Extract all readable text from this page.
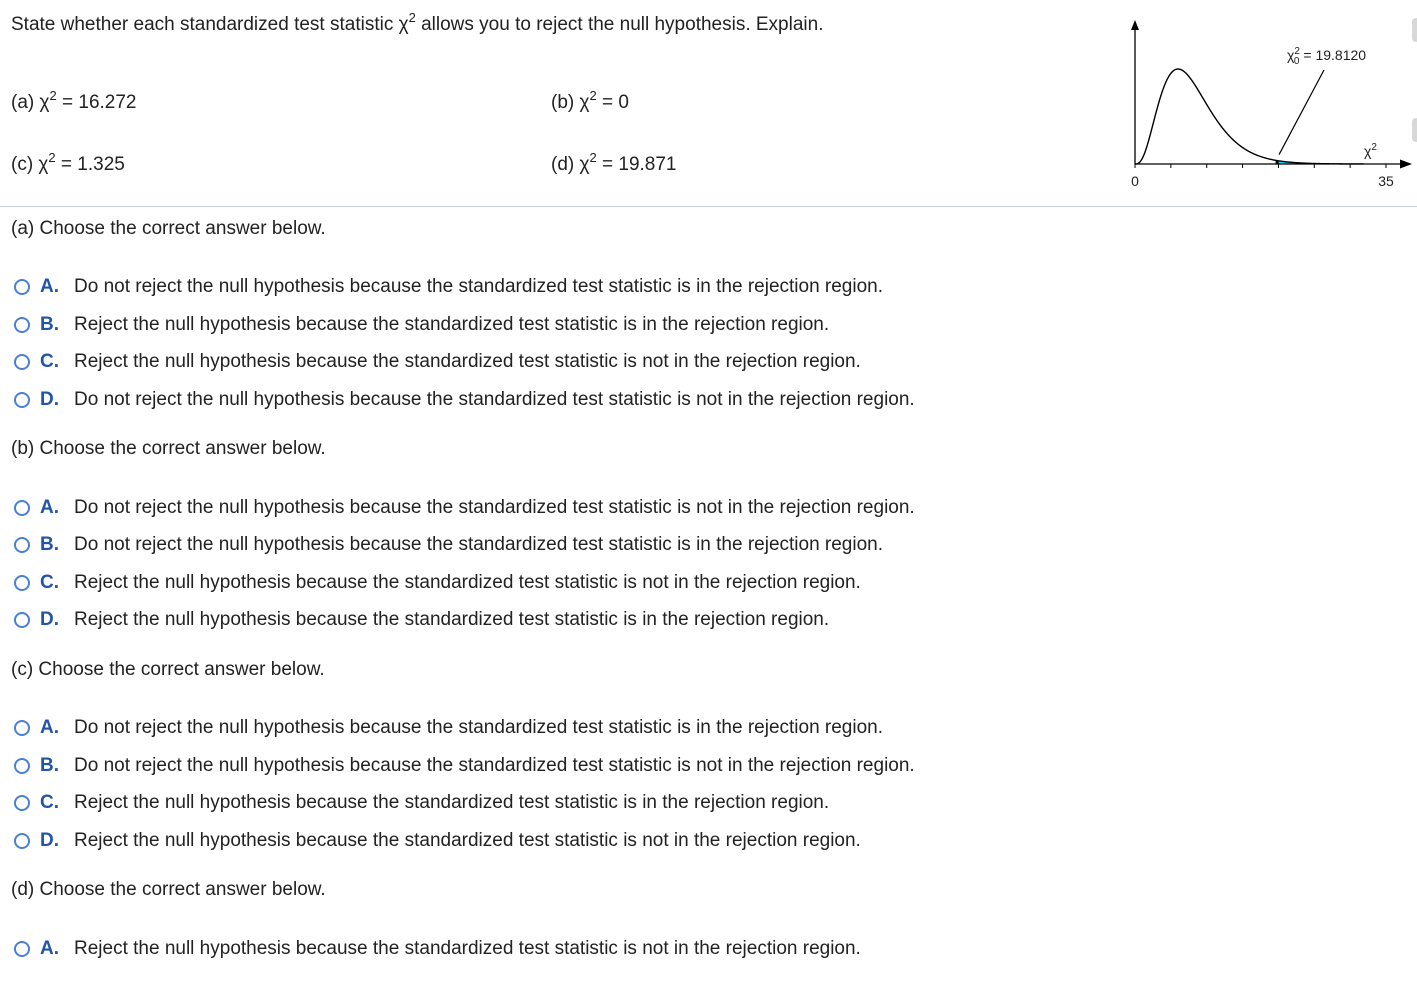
State whether each standardized test statistic $\chi^2$ allows you to reject the null hypothesis. Explain.
(a) $\chi^2 = 16.272$	(b) $\chi^2 = 0$
(c) $\chi^2 = 1.325$	(d) $\chi^2 = 19.871$
$\chi^2$ 0 = 19.8120
$\chi^2$
0	35
(a) Choose the correct answer below.
A. Do not reject the null hypothesis because the standardized test statistic is in the rejection region.
B. Reject the null hypothesis because the standardized test statistic is in the rejection region.
C. Reject the null hypothesis because the standardized test statistic is not in the rejection region.
D. Do not reject the null hypothesis because the standardized test statistic is not in the rejection region.
(b) Choose the correct answer below.
A. Do not reject the null hypothesis because the standardized test statistic is not in the rejection region.
B. Do not reject the null hypothesis because the standardized test statistic is in the rejection region.
C. Reject the null hypothesis because the standardized test statistic is not in the rejection region.
D. Reject the null hypothesis because the standardized test statistic is in the rejection region.
(c) Choose the correct answer below.
A. Do not reject the null hypothesis because the standardized test statistic is in the rejection region.
B. Do not reject the null hypothesis because the standardized test statistic is not in the rejection region.
C. Reject the null hypothesis because the standardized test statistic is in the rejection region.
D. Reject the null hypothesis because the standardized test statistic is not in the rejection region.
(d) Choose the correct answer below.
A. Reject the null hypothesis because the standardized test statistic is not in the rejection region.
